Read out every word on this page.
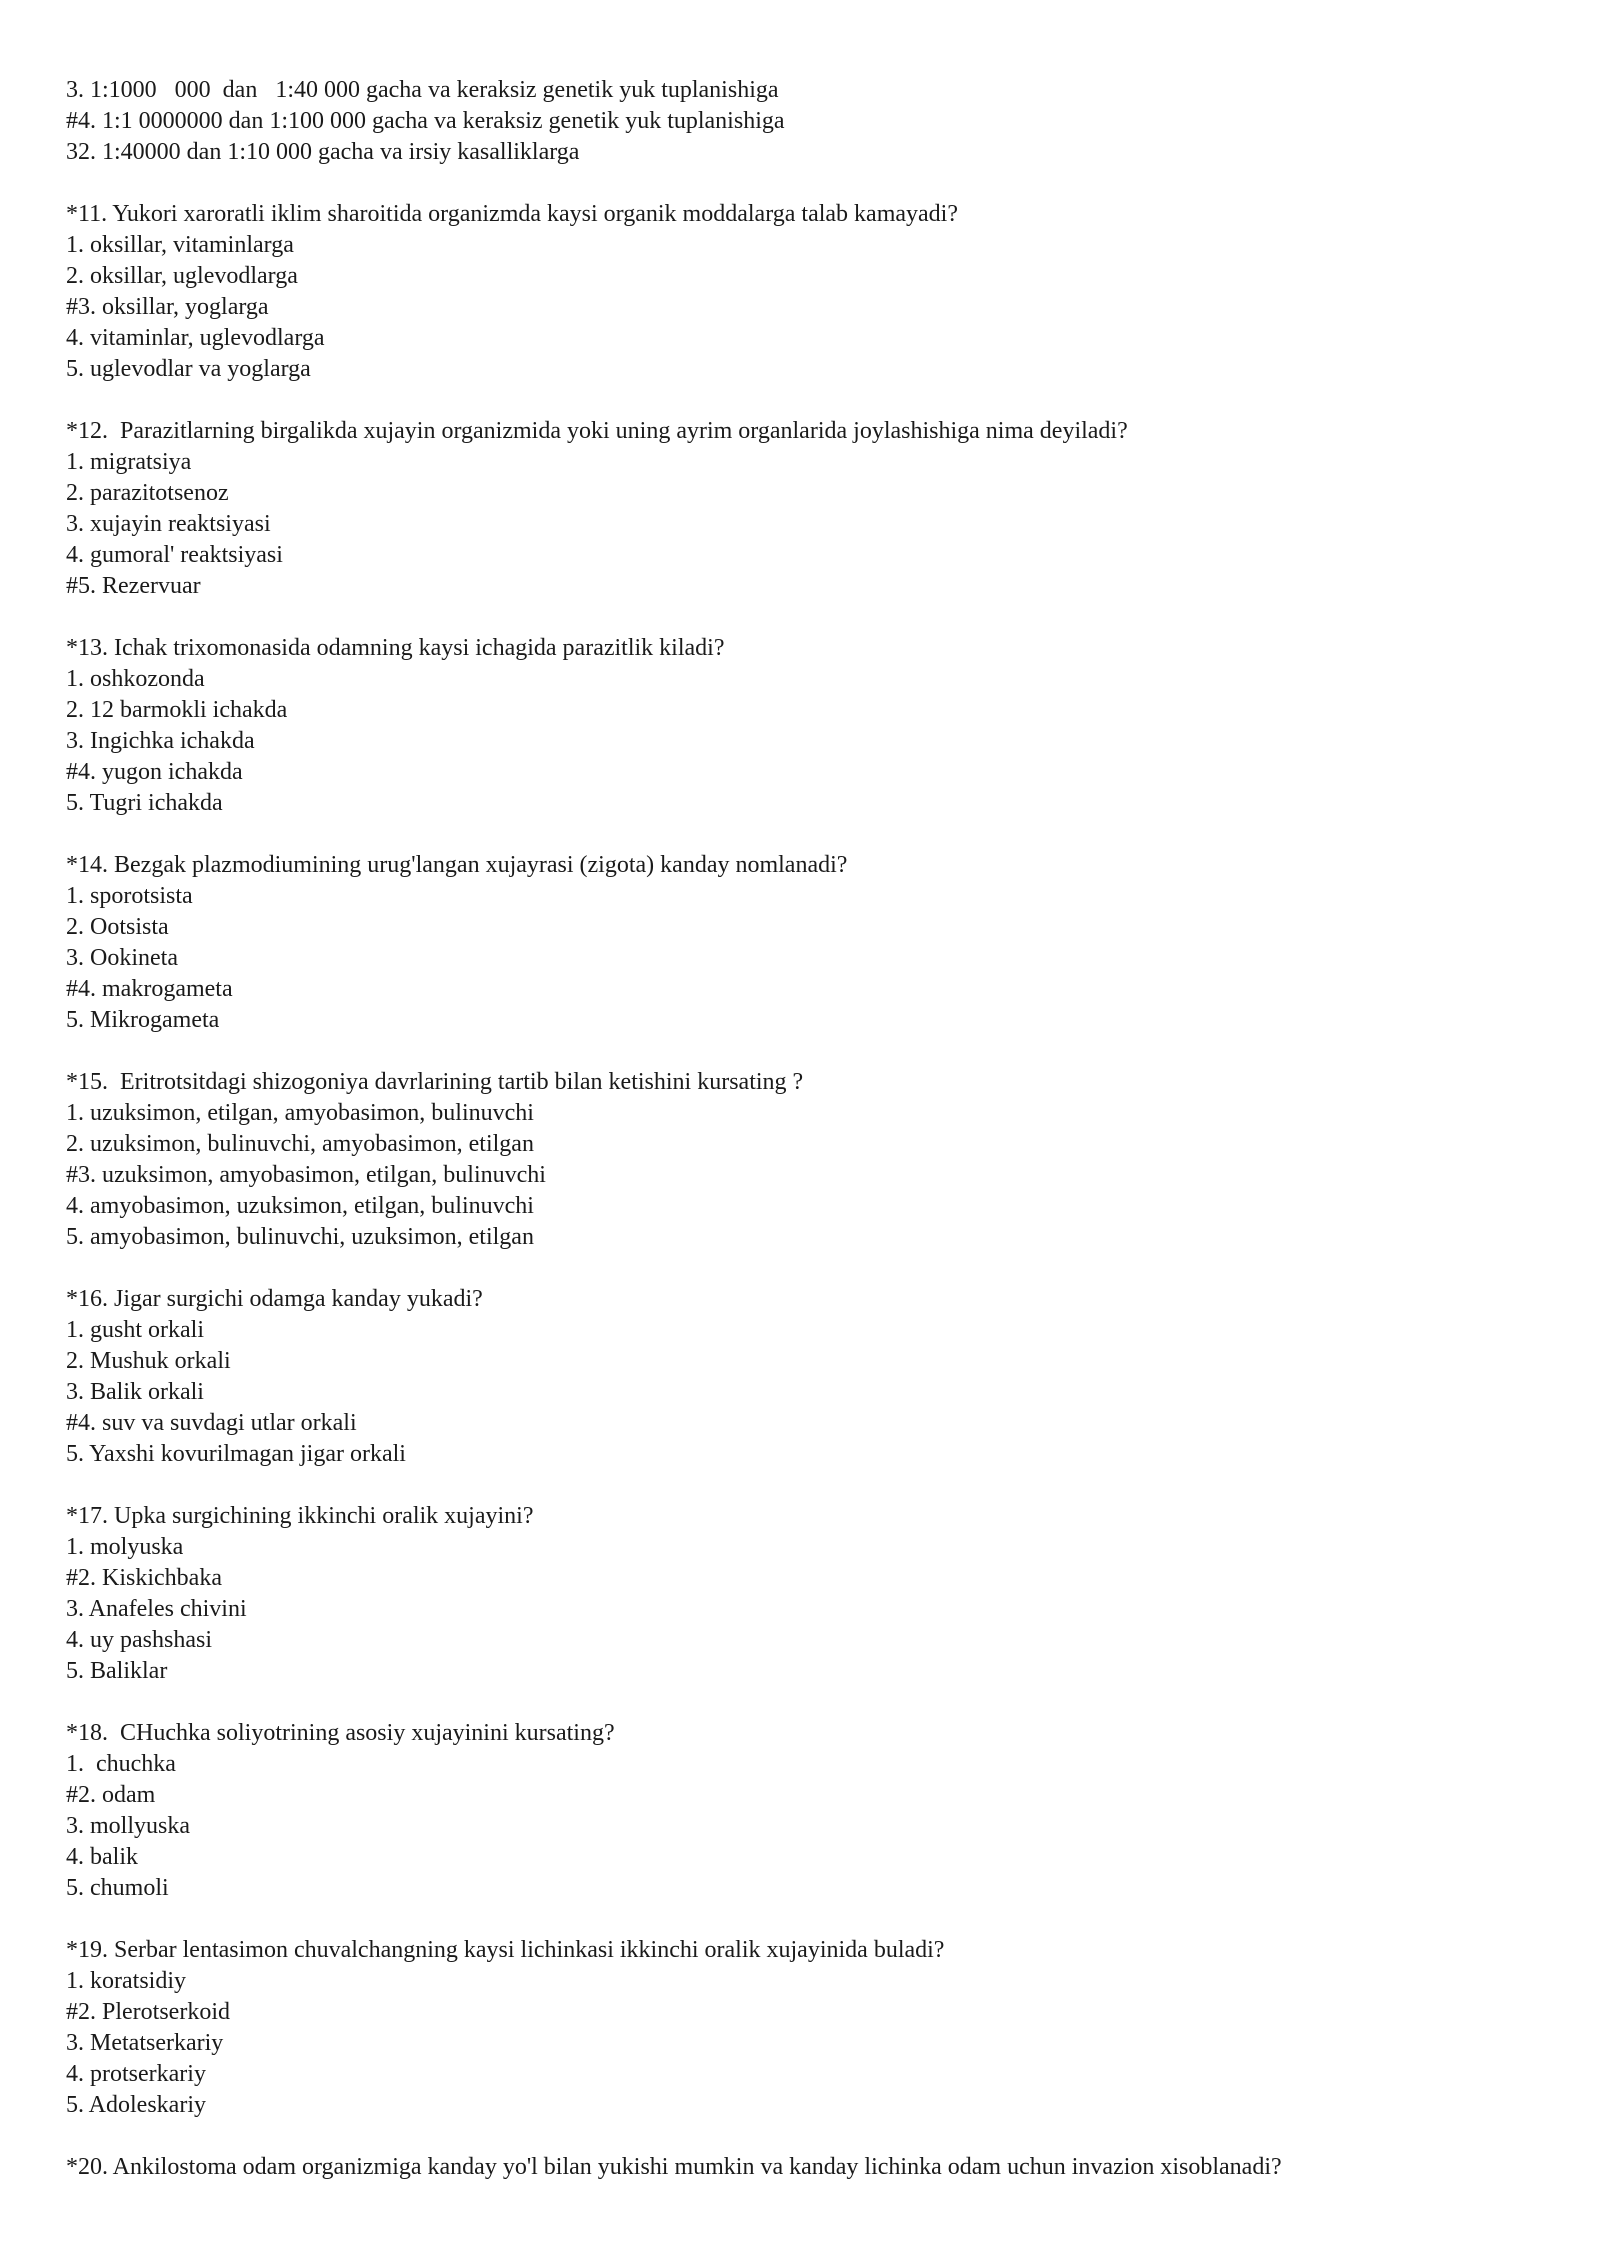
3. 1:1000   000  dan   1:40 000 gacha va keraksiz genetik yuk tuplanishiga
#4. 1:1 0000000 dan 1:100 000 gacha va keraksiz genetik yuk tuplanishiga
32. 1:40000 dan 1:10 000 gacha va irsiy kasalliklarga
*11. Yukori xaroratli iklim sharoitida organizmda kaysi organik moddalarga talab kamayadi?
1. oksillar, vitaminlarga
2. oksillar, uglevodlarga
#3. oksillar, yoglarga
4. vitaminlar, uglevodlarga
5. uglevodlar va yoglarga
*12.  Parazitlarning birgalikda xujayin organizmida yoki uning ayrim organlarida joylashishiga nima deyiladi?
1. migratsiya
2. parazitotsenoz
3. xujayin reaktsiyasi
4. gumoral' reaktsiyasi
#5. Rezervuar
*13. Ichak trixomonasida odamning kaysi ichagida parazitlik kiladi?
1. oshkozonda
2. 12 barmokli ichakda
3. Ingichka ichakda
#4. yugon ichakda
5. Tugri ichakda
*14. Bezgak plazmodiumining urug'langan xujayrasi (zigota) kanday nomlanadi?
1. sporotsista
2. Ootsista
3. Ookineta
#4. makrogameta
5. Mikrogameta
*15.  Eritrotsitdagi shizogoniya davrlarining tartib bilan ketishini kursating ?
1. uzuksimon, etilgan, amyobasimon, bulinuvchi
2. uzuksimon, bulinuvchi, amyobasimon, etilgan
#3. uzuksimon, amyobasimon, etilgan, bulinuvchi
4. amyobasimon, uzuksimon, etilgan, bulinuvchi
5. amyobasimon, bulinuvchi, uzuksimon, etilgan
*16. Jigar surgichi odamga kanday yukadi?
1. gusht orkali
2. Mushuk orkali
3. Balik orkali
#4. suv va suvdagi utlar orkali
5. Yaxshi kovurilmagan jigar orkali
*17. Upka surgichining ikkinchi oralik xujayini?
1. molyuska
#2. Kiskichbaka
3. Anafeles chivini
4. uy pashshasi
5. Baliklar
*18.  CHuchka soliyotrining asosiy xujayinini kursating?
1.  chuchka
#2. odam
3. mollyuska
4. balik
5. chumoli
*19. Serbar lentasimon chuvalchangning kaysi lichinkasi ikkinchi oralik xujayinida buladi?
1. koratsidiy
#2. Plerotserkoid
3. Metatserkariy
4. protserkariy
5. Adoleskariy
*20. Ankilostoma odam organizmiga kanday yo'l bilan yukishi mumkin va kanday lichinka odam uchun invazion xisoblanadi?
